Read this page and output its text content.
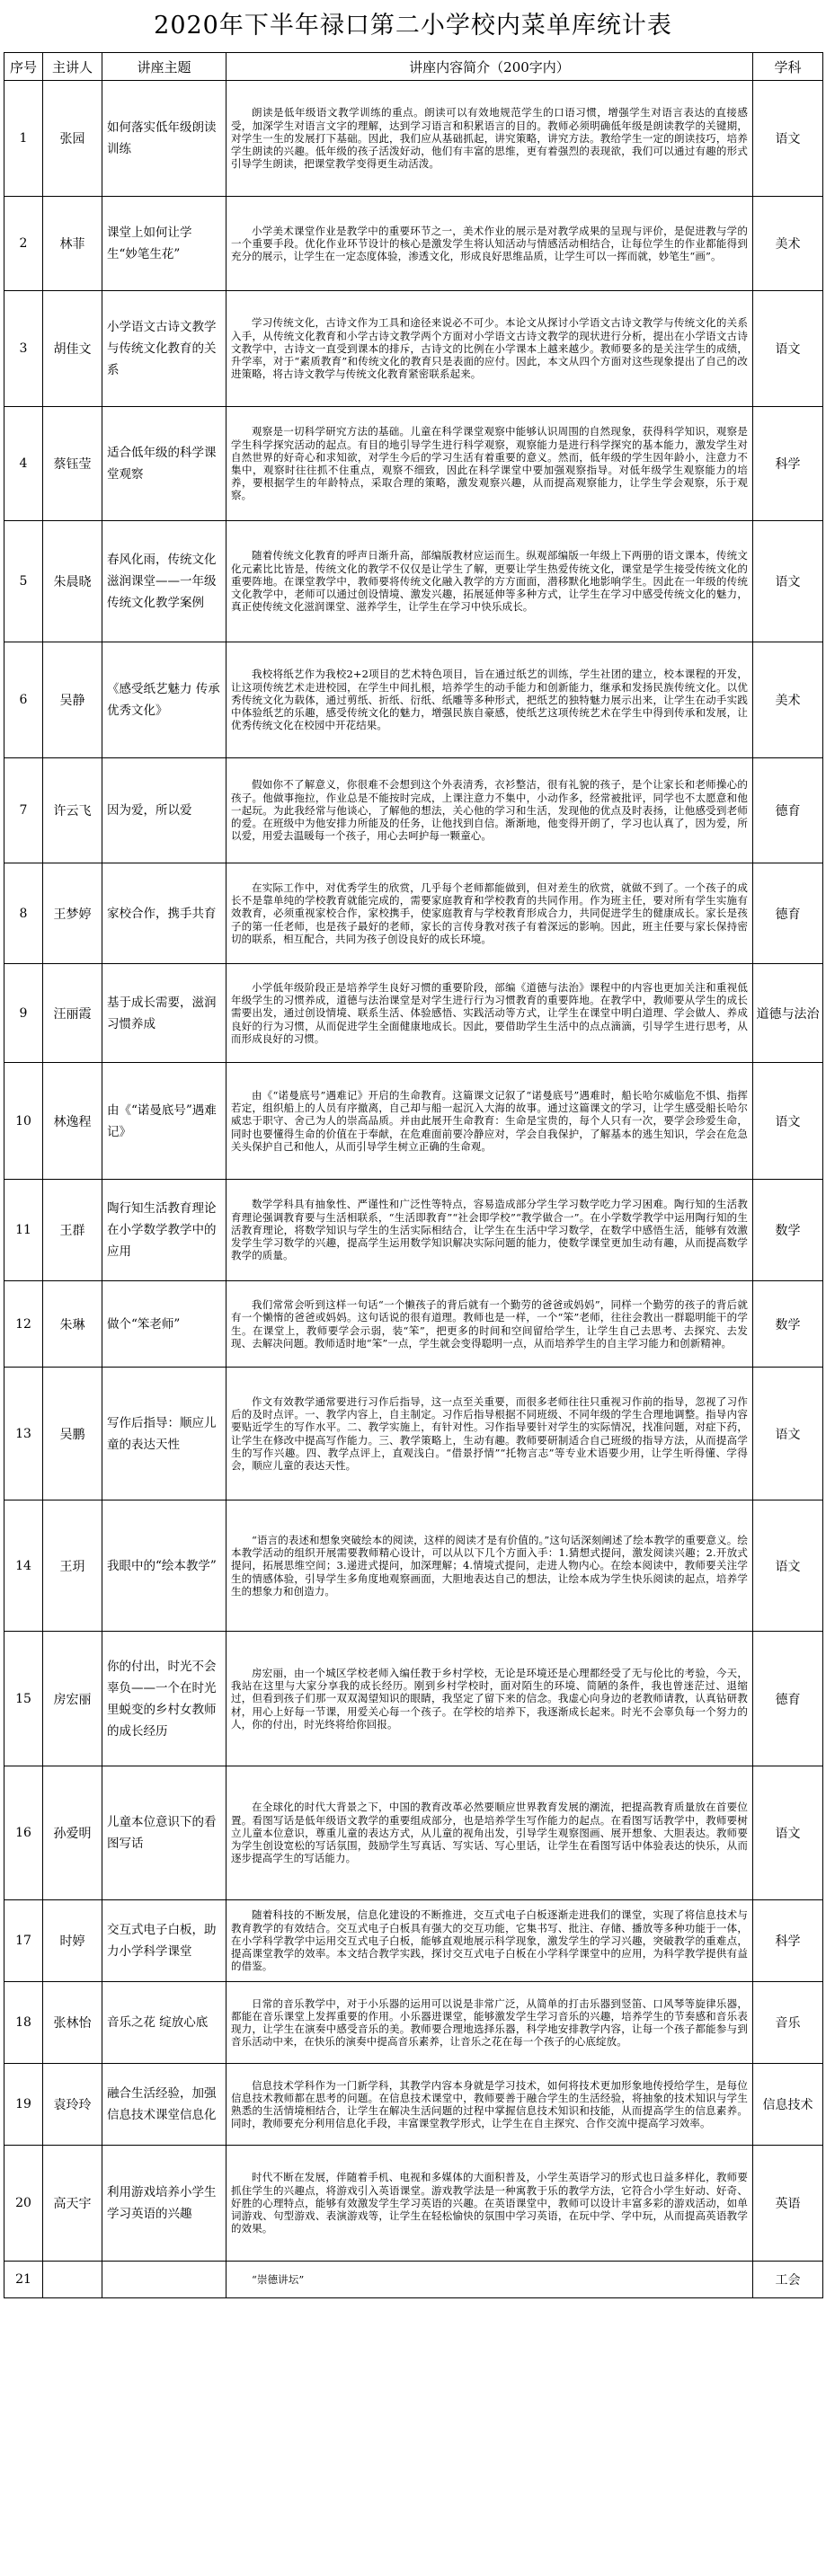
2020年下半年禄口第二小学校内菜单库统计表
序号	主讲人	讲座主题	讲座内容简介（200字内）	学科
1	张园	如何落实低年级朗读训练	朗读是低年级语文教学训练的重点。朗读可以有效地规范学生的口语习惯，增强学生对语言表达的直接感受，加深学生对语言文字的理解，达到学习语言和积累语言的目的。教师必须明确低年级是朗读教学的关键期，对学生一生的发展打下基础。因此，我们应从基础抓起，讲究策略，讲究方法。教给学生一定的朗读技巧，培养学生朗读的兴趣。低年级的孩子活泼好动，他们有丰富的思维，更有着强烈的表现欲，我们可以通过有趣的形式引导学生朗读，把课堂教学变得更生动活泼。	语文
2	林菲	课堂上如何让学生“妙笔生花”	小学美术课堂作业是教学中的重要环节之一，美术作业的展示是对教学成果的呈现与评价，是促进教与学的一个重要手段。优化作业环节设计的核心是激发学生将认知活动与情感活动相结合，让每位学生的作业都能得到充分的展示，让学生在一定态度体验，渗透文化，形成良好思维品质，让学生可以一挥而就，妙笔生“画”。	美术
3	胡佳文	小学语文古诗文教学与传统文化教育的关系	学习传统文化，古诗文作为工具和途径来说必不可少。本论文从探讨小学语文古诗文教学与传统文化的关系入手，从传统文化教育和小学古诗文教学两个方面对小学语文古诗文教学的现状进行分析，提出在小学语文古诗文教学中，古诗文一直受到课本的排斥，古诗文的比例在小学课本上越来越少。教师要多的是关注学生的成绩，升学率，对于“素质教育”和传统文化的教育只是表面的应付。因此，本文从四个方面对这些现象提出了自己的改进策略，将古诗文教学与传统文化教育紧密联系起来。	语文
4	蔡钰莹	适合低年级的科学课堂观察	观察是一切科学研究方法的基础。儿童在科学课堂观察中能够认识周围的自然现象，获得科学知识，观察是学生科学探究活动的起点。有目的地引导学生进行科学观察，观察能力是进行科学探究的基本能力，激发学生对自然世界的好奇心和求知欲，对学生今后的学习生活有着重要的意义。然而，低年级的学生因年龄小，注意力不集中，观察时往往抓不住重点，观察不细致，因此在科学课堂中要加强观察指导。对低年级学生观察能力的培养，要根据学生的年龄特点，采取合理的策略，激发观察兴趣，从而提高观察能力，让学生学会观察，乐于观察。	科学
5	朱晨晓	春风化雨，传统文化滋润课堂——一年级传统文化教学案例	随着传统文化教育的呼声日渐升高，部编版教材应运而生。纵观部编版一年级上下两册的语文课本，传统文化元素比比皆是，传统文化的教学不仅仅是让学生了解，更要让学生热爱传统文化，课堂是学生接受传统文化的重要阵地。在课堂教学中，教师要将传统文化融入教学的方方面面，潜移默化地影响学生。因此在一年级的传统文化教学中，老师可以通过创设情境、激发兴趣，拓展延伸等多种方式，让学生在学习中感受传统文化的魅力，真正使传统文化滋润课堂、滋养学生，让学生在学习中快乐成长。	语文
6	吴静	《感受纸艺魅力 传承优秀文化》	我校将纸艺作为我校2+2项目的艺术特色项目，旨在通过纸艺的训练，学生社团的建立，校本课程的开发，让这项传统艺术走进校园，在学生中间扎根，培养学生的动手能力和创新能力，继承和发扬民族传统文化。以优秀传统文化为载体，通过剪纸、折纸、衍纸、纸雕等多种形式，把纸艺的独特魅力展示出来，让学生在动手实践中体验纸艺的乐趣，感受传统文化的魅力，增强民族自豪感，使纸艺这项传统艺术在学生中得到传承和发展，让优秀传统文化在校园中开花结果。	美术
7	许云飞	因为爱，所以爱	假如你不了解意义，你很难不会想到这个外表清秀，衣衫整洁，很有礼貌的孩子，是个让家长和老师操心的孩子。他做事拖拉，作业总是不能按时完成，上课注意力不集中，小动作多，经常被批评，同学也不太愿意和他一起玩。为此我经常与他谈心，了解他的想法，关心他的学习和生活，发现他的优点及时表扬，让他感受到老师的爱。在班级中为他安排力所能及的任务，让他找到自信。渐渐地，他变得开朗了，学习也认真了，因为爱，所以爱，用爱去温暖每一个孩子，用心去呵护每一颗童心。	德育
8	王梦婷	家校合作，携手共育	在实际工作中，对优秀学生的欣赏，几乎每个老师都能做到，但对差生的欣赏，就做不到了。一个孩子的成长不是靠单纯的学校教育就能完成的，需要家庭教育和学校教育的共同作用。作为班主任，要对所有学生实施有效教育，必须重视家校合作，家校携手，使家庭教育与学校教育形成合力，共同促进学生的健康成长。家长是孩子的第一任老师，也是孩子最好的老师，家长的言传身教对孩子有着深远的影响。因此，班主任要与家长保持密切的联系，相互配合，共同为孩子创设良好的成长环境。	德育
9	汪丽霞	基于成长需要，滋润习惯养成	小学低年级阶段正是培养学生良好习惯的重要阶段，部编《道德与法治》课程中的内容也更加关注和重视低年级学生的习惯养成，道德与法治课堂是对学生进行行为习惯教育的重要阵地。在教学中，教师要从学生的成长需要出发，通过创设情境、联系生活、体验感悟、实践活动等方式，让学生在课堂中明白道理、学会做人、养成良好的行为习惯，从而促进学生全面健康地成长。因此，要借助学生生活中的点点滴滴，引导学生进行思考，从而形成良好的习惯。	道德与法治
10	林逸程	由《“诺曼底号”遇难记》	由《“诺曼底号”遇难记》开启的生命教育。这篇课文记叙了“诺曼底号”遇难时，船长哈尔威临危不惧、指挥若定，组织船上的人员有序撤离，自己却与船一起沉入大海的故事。通过这篇课文的学习，让学生感受船长哈尔威忠于职守、舍己为人的崇高品质。并由此展开生命教育：生命是宝贵的，每个人只有一次，要学会珍爱生命，同时也要懂得生命的价值在于奉献，在危难面前要冷静应对，学会自我保护，了解基本的逃生知识，学会在危急关头保护自己和他人，从而引导学生树立正确的生命观。	语文
11	王群	陶行知生活教育理论在小学数学教学中的应用	数学学科具有抽象性、严谨性和广泛性等特点，容易造成部分学生学习数学吃力学习困难。陶行知的生活教育理论强调教育要与生活相联系，“生活即教育”“社会即学校”“教学做合一”。在小学数学教学中运用陶行知的生活教育理论，将数学知识与学生的生活实际相结合，让学生在生活中学习数学，在数学中感悟生活，能够有效激发学生学习数学的兴趣，提高学生运用数学知识解决实际问题的能力，使数学课堂更加生动有趣，从而提高数学教学的质量。	数学
12	朱琳	做个“笨老师”	我们常常会听到这样一句话“一个懒孩子的背后就有一个勤劳的爸爸或妈妈”，同样一个勤劳的孩子的背后就有一个懒惰的爸爸或妈妈。这句话说的很有道理。教师也是一样，一个“笨”老师，往往会教出一群聪明能干的学生。在课堂上，教师要学会示弱，装“笨”，把更多的时间和空间留给学生，让学生自己去思考、去探究、去发现、去解决问题。教师适时地“笨”一点，学生就会变得聪明一点，从而培养学生的自主学习能力和创新精神。	数学
13	吴鹏	写作后指导：顺应儿童的表达天性	作文有效教学通常要进行习作后指导，这一点至关重要，而很多老师往往只重视习作前的指导，忽视了习作后的及时点评。一、教学内容上，自主制定。习作后指导根据不同班级、不同年级的学生合理地调整。指导内容要贴近学生的写作水平。二、教学实施上，有针对性。习作指导要针对学生的实际情况，找准问题，对症下药，让学生在修改中提高写作能力。三、教学策略上，生动有趣。教师要研制适合自己班级的指导方法，从而提高学生的写作兴趣。四、教学点评上，直观浅白。“借景抒情”“托物言志”等专业术语要少用，让学生听得懂、学得会，顺应儿童的表达天性。	语文
14	王玥	我眼中的“绘本教学”	“语言的表述和想象突破绘本的阅读，这样的阅读才是有价值的。”这句话深刻阐述了绘本教学的重要意义。绘本教学活动的组织开展需要教师精心设计，可以从以下几个方面入手：1.猜想式提问，激发阅读兴趣；2.开放式提问，拓展思维空间；3.递进式提问，加深理解；4.情境式提问，走进人物内心。在绘本阅读中，教师要关注学生的情感体验，引导学生多角度地观察画面，大胆地表达自己的想法，让绘本成为学生快乐阅读的起点，培养学生的想象力和创造力。	语文
15	房宏丽	你的付出，时光不会辜负——一个在时光里蜕变的乡村女教师的成长经历	房宏丽，由一个城区学校老师入编任教于乡村学校，无论是环境还是心理都经受了无与伦比的考验，今天，我站在这里与大家分享我的成长经历。刚到乡村学校时，面对陌生的环境、简陋的条件，我也曾迷茫过、退缩过，但看到孩子们那一双双渴望知识的眼睛，我坚定了留下来的信念。我虚心向身边的老教师请教，认真钻研教材，用心上好每一节课，用爱关心每一个孩子。在学校的培养下，我逐渐成长起来。时光不会辜负每一个努力的人，你的付出，时光终将给你回报。	德育
16	孙爱明	儿童本位意识下的看图写话	在全球化的时代大背景之下，中国的教育改革必然要顺应世界教育发展的潮流，把提高教育质量放在首要位置。看图写话是低年级语文教学的重要组成部分，也是培养学生写作能力的起点。在看图写话教学中，教师要树立儿童本位意识，尊重儿童的表达方式，从儿童的视角出发，引导学生观察图画、展开想象、大胆表达。教师要为学生创设宽松的写话氛围，鼓励学生写真话、写实话、写心里话，让学生在看图写话中体验表达的快乐，从而逐步提高学生的写话能力。	语文
17	时婷	交互式电子白板，助力小学科学课堂	随着科技的不断发展，信息化建设的不断推进，交互式电子白板逐渐走进我们的课堂，实现了将信息技术与教育教学的有效结合。交互式电子白板具有强大的交互功能，它集书写、批注、存储、播放等多种功能于一体，在小学科学教学中运用交互式电子白板，能够直观地展示科学现象，激发学生的学习兴趣，突破教学的重难点，提高课堂教学的效率。本文结合教学实践，探讨交互式电子白板在小学科学课堂中的应用，为科学教学提供有益的借鉴。	科学
18	张林怡	音乐之花 绽放心底	日常的音乐教学中，对于小乐器的运用可以说是非常广泛，从简单的打击乐器到竖笛、口风琴等旋律乐器，都能在音乐课堂上发挥重要的作用。小乐器进课堂，能够激发学生学习音乐的兴趣，培养学生的节奏感和音乐表现力，让学生在演奏中感受音乐的美。教师要合理地选择乐器，科学地安排教学内容，让每一个孩子都能参与到音乐活动中来，在快乐的演奏中提高音乐素养，让音乐之花在每一个孩子的心底绽放。	音乐
19	袁玲玲	融合生活经验，加强信息技术课堂信息化	信息技术学科作为一门新学科，其教学内容本身就是学习技术，如何将技术更加形象地传授给学生，是每位信息技术教师都在思考的问题。在信息技术课堂中，教师要善于融合学生的生活经验，将抽象的技术知识与学生熟悉的生活情境相结合，让学生在解决生活问题的过程中掌握信息技术知识和技能，从而提高学生的信息素养。同时，教师要充分利用信息化手段，丰富课堂教学形式，让学生在自主探究、合作交流中提高学习效率。	信息技术
20	高天宇	利用游戏培养小学生学习英语的兴趣	时代不断在发展，伴随着手机、电视和多媒体的大面积普及，小学生英语学习的形式也日益多样化，教师要抓住学生的兴趣点，将游戏引入英语课堂。游戏教学法是一种寓教于乐的教学方法，它符合小学生好动、好奇、好胜的心理特点，能够有效激发学生学习英语的兴趣。在英语课堂中，教师可以设计丰富多彩的游戏活动，如单词游戏、句型游戏、表演游戏等，让学生在轻松愉快的氛围中学习英语，在玩中学、学中玩，从而提高英语教学的效果。	英语
21			“崇德讲坛”	工会
